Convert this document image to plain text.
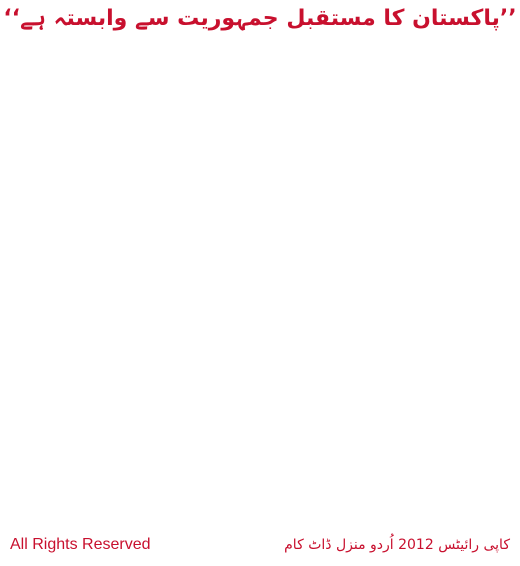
’’پاکستان کا مستقبل جمہوریت سے وابستہ ہے‘‘
All Rights Reserved	کاپی رائیٹس 2012 اُردو منزل ڈاٹ کام
